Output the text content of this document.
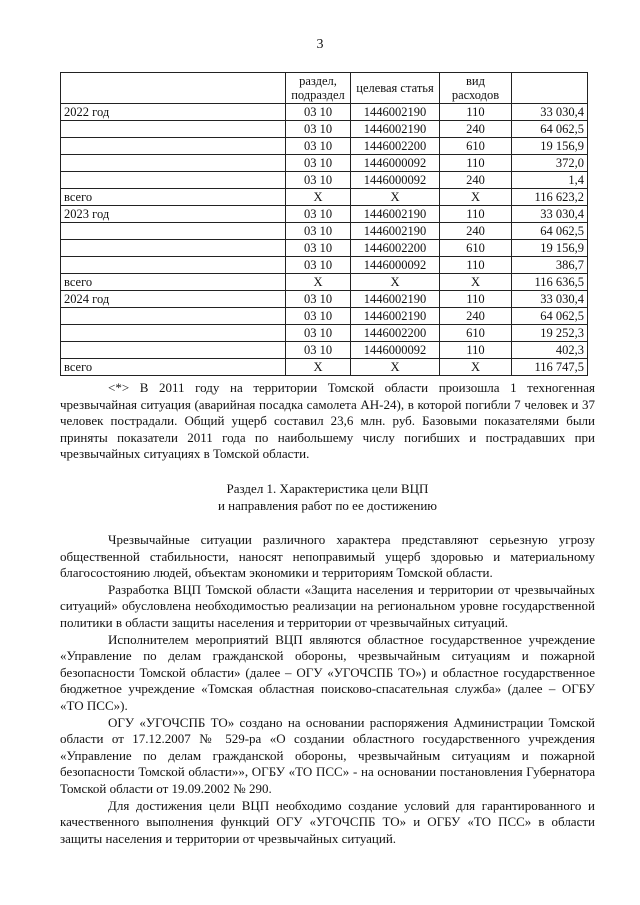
3
	раздел, подраздел	целевая статья	вид расходов	
2022 год	03 10	1446002190	110	33 030,4
	03 10	1446002190	240	64 062,5
	03 10	1446002200	610	19 156,9
	03 10	1446000092	110	372,0
	03 10	1446000092	240	1,4
всего	Х	Х	Х	116 623,2
2023 год	03 10	1446002190	110	33 030,4
	03 10	1446002190	240	64 062,5
	03 10	1446002200	610	19 156,9
	03 10	1446000092	110	386,7
всего	Х	Х	Х	116 636,5
2024 год	03 10	1446002190	110	33 030,4
	03 10	1446002190	240	64 062,5
	03 10	1446002200	610	19 252,3
	03 10	1446000092	110	402,3
всего	Х	Х	Х	116 747,5

<*> В 2011 году на территории Томской области произошла 1 техногенная чрезвычайная ситуация (аварийная посадка самолета АН-24), в которой погибли 7 человек и 37 человек пострадали. Общий ущерб составил 23,6 млн. руб. Базовыми показателями были приняты показатели 2011 года по наибольшему числу погибших и пострадавших при чрезвычайных ситуациях в Томской области.

Раздел 1. Характеристика цели ВЦП
и направления работ по ее достижению

Чрезвычайные ситуации различного характера представляют серьезную угрозу общественной стабильности, наносят непоправимый ущерб здоровью и материальному благосостоянию людей, объектам экономики и территориям Томской области.

Разработка ВЦП Томской области «Защита населения и территории от чрезвычайных ситуаций» обусловлена необходимостью реализации на региональном уровне государственной политики в области защиты населения и территории от чрезвычайных ситуаций.

Исполнителем мероприятий ВЦП являются областное государственное учреждение «Управление по делам гражданской обороны, чрезвычайным ситуациям и пожарной безопасности Томской области» (далее – ОГУ «УГОЧСПБ ТО») и областное государственное бюджетное учреждение «Томская областная поисково-спасательная служба» (далее – ОГБУ «ТО ПСС»).

ОГУ «УГОЧСПБ ТО» создано на основании распоряжения Администрации Томской области от 17.12.2007 № 529-ра «О создании областного государственного учреждения «Управление по делам гражданской обороны, чрезвычайным ситуациям и пожарной безопасности Томской области»», ОГБУ «ТО ПСС» - на основании постановления Губернатора Томской области от 19.09.2002 № 290.

Для достижения цели ВЦП необходимо создание условий для гарантированного и качественного выполнения функций ОГУ «УГОЧСПБ ТО» и ОГБУ «ТО ПСС» в области защиты населения и территории от чрезвычайных ситуаций.
